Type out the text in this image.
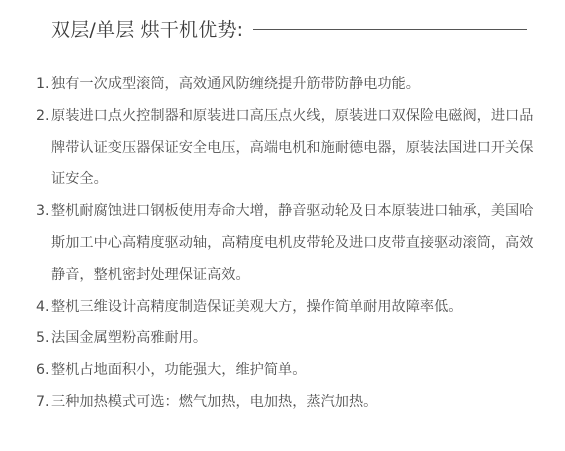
双层/单层 烘干机优势:
1. 独有一次成型滚筒，高效通风防缠绕提升筋带防静电功能。
2. 原装进口点火控制器和原装进口高压点火线，原装进口双保险电磁阀，进口品牌带认证变压器保证安全电压，高端电机和施耐德电器，原装法国进口开关保证安全。
3. 整机耐腐蚀进口钢板使用寿命大增，静音驱动轮及日本原装进口轴承，美国哈斯加工中心高精度驱动轴，高精度电机皮带轮及进口皮带直接驱动滚筒，高效静音，整机密封处理保证高效。
4. 整机三维设计高精度制造保证美观大方，操作简单耐用故障率低。
5. 法国金属塑粉高雅耐用。
6. 整机占地面积小，功能强大，维护简单。
7. 三种加热模式可选：燃气加热，电加热，蒸汽加热。
